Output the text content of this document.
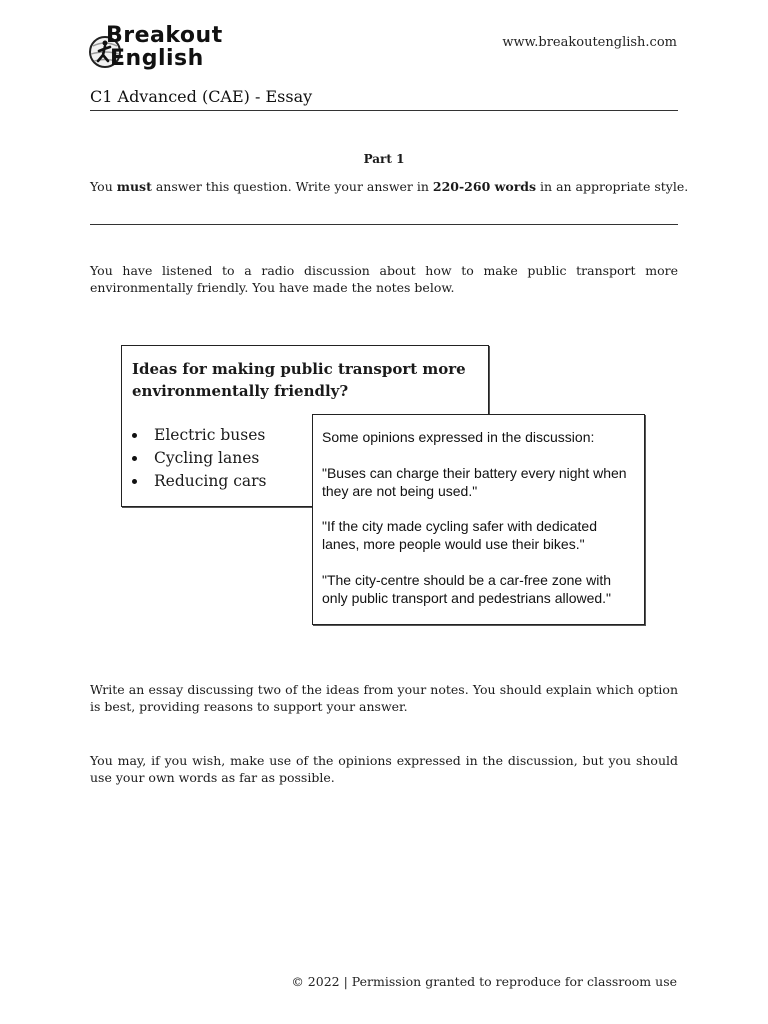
Breakout
English
www.breakoutenglish.com
C1 Advanced (CAE) - Essay
Part 1
You must answer this question. Write your answer in 220-260 words in an appropriate style.
You have listened to a radio discussion about how to make public transport more environmentally friendly. You have made the notes below.
Ideas for making public transport more environmentally friendly?
Electric buses
Cycling lanes
Reducing cars

Some opinions expressed in the discussion:

"Buses can charge their battery every night when they are not being used."

"If the city made cycling safer with dedicated lanes, more people would use their bikes."

"The city-centre should be a car-free zone with only public transport and pedestrians allowed."

Write an essay discussing two of the ideas from your notes. You should explain which option is best, providing reasons to support your answer.
You may, if you wish, make use of the opinions expressed in the discussion, but you should use your own words as far as possible.
© 2022 | Permission granted to reproduce for classroom use
